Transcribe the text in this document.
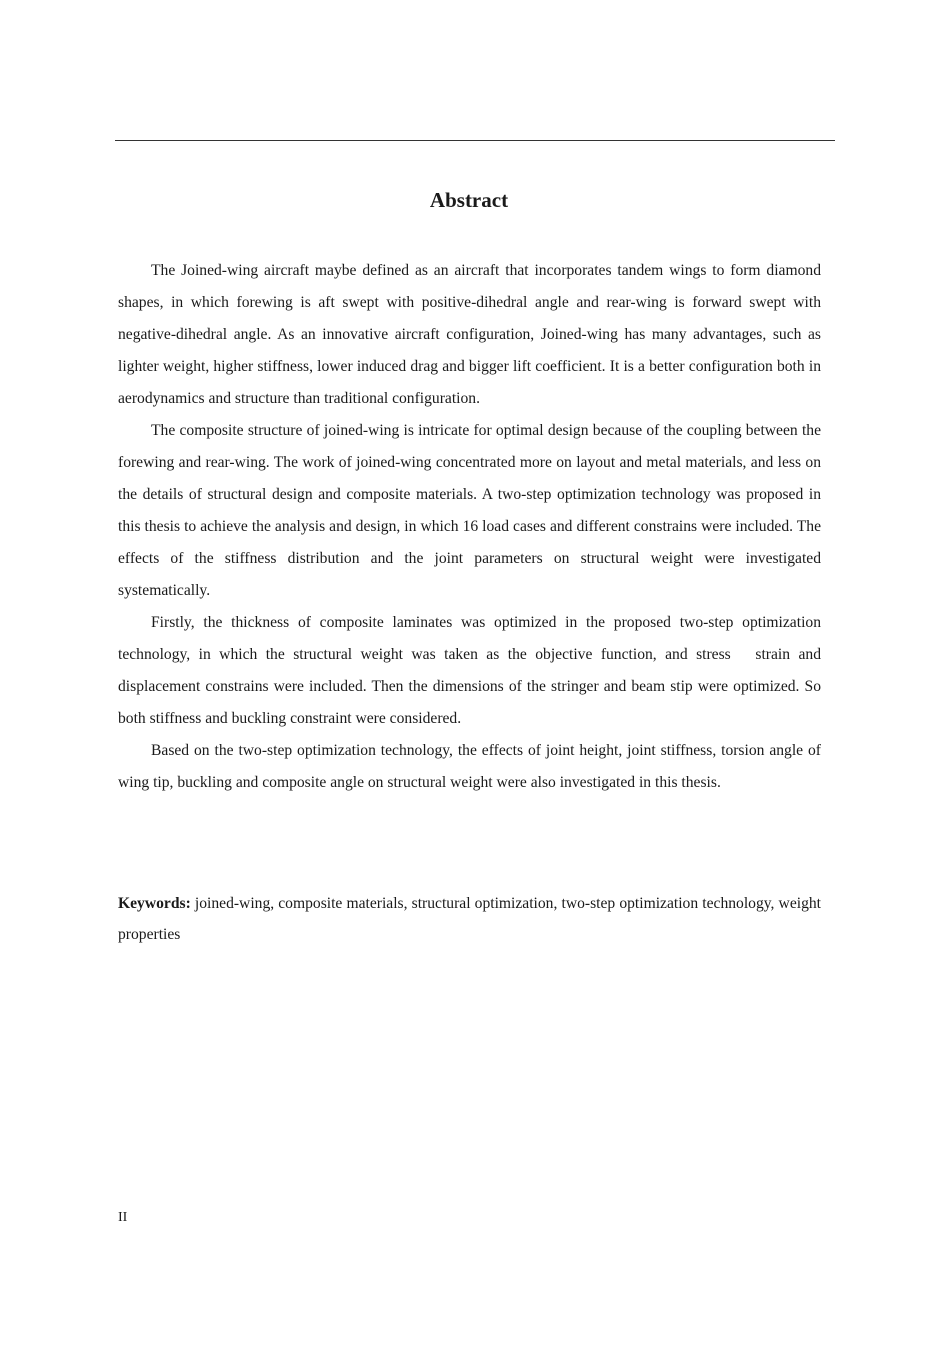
Abstract

The Joined-wing aircraft maybe defined as an aircraft that incorporates tandem wings to form diamond shapes, in which forewing is aft swept with positive-dihedral angle and rear-wing is forward swept with negative-dihedral angle. As an innovative aircraft configuration, Joined-wing has many advantages, such as lighter weight, higher stiffness, lower induced drag and bigger lift coefficient. It is a better configuration both in aerodynamics and structure than traditional configuration.

The composite structure of joined-wing is intricate for optimal design because of the coupling between the forewing and rear-wing. The work of joined-wing concentrated more on layout and metal materials, and less on the details of structural design and composite materials. A two-step optimization technology was proposed in this thesis to achieve the analysis and design, in which 16 load cases and different constrains were included. The effects of the stiffness distribution and the joint parameters on structural weight were investigated systematically.

Firstly, the thickness of composite laminates was optimized in the proposed two-step optimization technology, in which the structural weight was taken as the objective function, and stress　strain and displacement constrains were included. Then the dimensions of the stringer and beam stip were optimized. So both stiffness and buckling constraint were considered.

Based on the two-step optimization technology, the effects of joint height, joint stiffness, torsion angle of wing tip, buckling and composite angle on structural weight were also investigated in this thesis.

Keywords: joined-wing, composite materials, structural optimization, two-step optimization technology, weight properties

II
